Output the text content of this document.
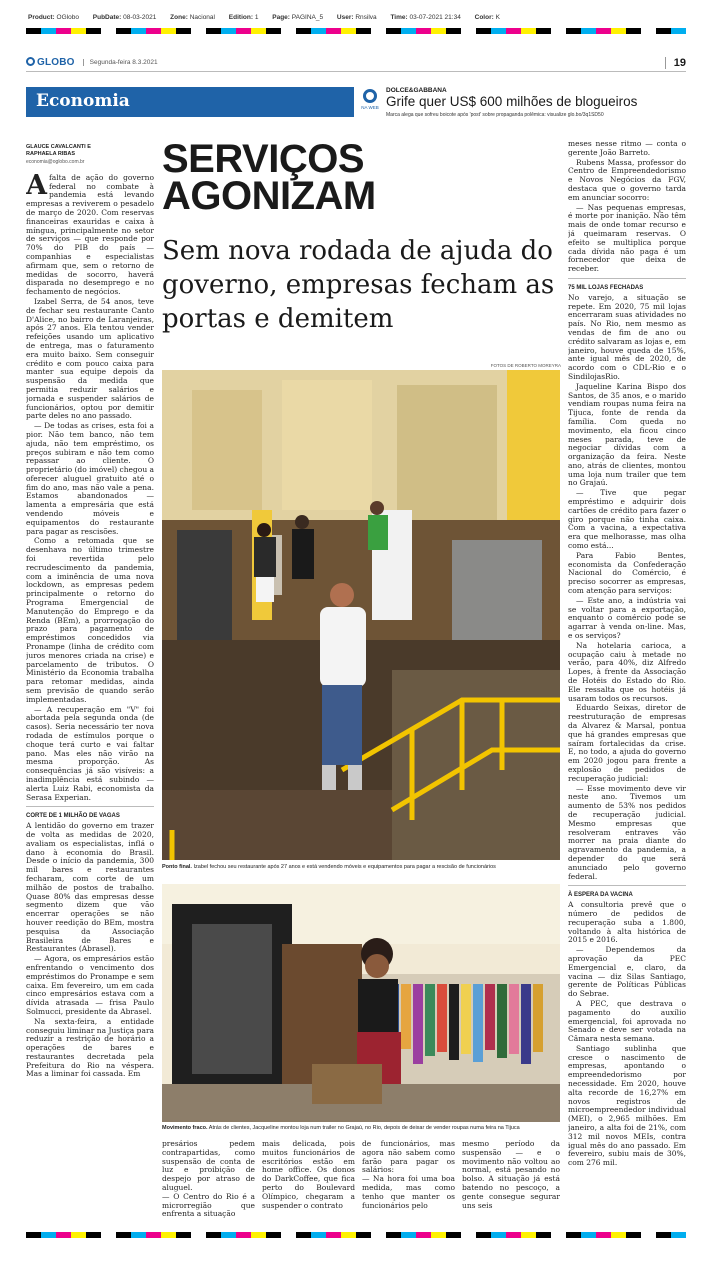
Product: OGlobo PubDate: 08-03-2021 Zone: Nacional Edition: 1 Page: PAGINA_5 User: Rnsilva Time: 03-07-2021 21:34 Color: K
GLOBO	Segunda-feira 8.3.2021	19
Economia	NA WEB
DOLCE&GABBANA
Grife quer US$ 600 milhões de blogueiros
Marca alega que sofreu boicote após 'post' sobre propaganda polêmica: visualize glo.bo/3q1SD50
GLAUCE CAVALCANTI E
RAPHAELA RIBAS
economia@oglobo.com.br

Afalta de ação do governo federal no combate à pandemia está levando empresas a reviverem o pesadelo de março de 2020. Com reservas financeiras exauridas e caixa à míngua, principalmente no setor de serviços — que responde por 70% do PIB do país — companhias e especialistas afirmam que, sem o retorno de medidas de socorro, haverá disparada no desemprego e no fechamento de negócios.

Izabel Serra, de 54 anos, teve de fechar seu restaurante Canto D'Alice, no bairro de Laranjeiras, após 27 anos. Ela tentou vender refeições usando um aplicativo de entrega, mas o faturamento era muito baixo. Sem conseguir crédito e com pouco caixa para manter sua equipe depois da suspensão da medida que permitia reduzir salários e jornada e suspender salários de funcionários, optou por demitir parte deles no ano passado.

— De todas as crises, esta foi a pior. Não tem banco, não tem ajuda, não tem empréstimo, os preços subiram e não tem como repassar ao cliente. O proprietário (do imóvel) chegou a oferecer aluguel gratuito até o fim do ano, mas não vale a pena. Estamos abandonados — lamenta a empresária que está vendendo móveis e equipamentos do restaurante para pagar as rescisões.

Como a retomada que se desenhava no último trimestre foi revertida pelo recrudescimento da pandemia, com a iminência de uma nova lockdown, as empresas pedem principalmente o retorno do Programa Emergencial de Manutenção do Emprego e da Renda (BEm), a prorrogação do prazo para pagamento de empréstimos concedidos via Pronampe (linha de crédito com juros menores criada na crise) e parcelamento de tributos. O Ministério da Economia trabalha para retomar medidas, ainda sem previsão de quando serão implementadas.

— A recuperação em "V" foi abortada pela segunda onda (de casos). Seria necessário ter nova rodada de estímulos porque o choque terá curto e vai faltar pano. Mas eles não virão na mesma proporção. As consequências já são visíveis: a inadimplência está subindo — alerta Luiz Rabi, economista da Serasa Experian.

CORTE DE 1 MILHÃO DE VAGAS

A lentidão do governo em trazer de volta as medidas de 2020, avaliam os especialistas, inflá o dano à economia do Brasil. Desde o início da pandemia, 300 mil bares e restaurantes fecharam, com corte de um milhão de postos de trabalho. Quase 80% das empresas desse segmento dizem que vão encerrar operações se não houver reedição do BEm, mostra pesquisa da Associação Brasileira de Bares e Restaurantes (Abrasel).

— Agora, os empresários estão enfrentando o vencimento dos empréstimos do Pronampe e sem caixa. Em fevereiro, um em cada cinco empresários estava com a dívida atrasada — frisa Paulo Solmucci, presidente da Abrasel.

Na sexta-feira, a entidade conseguiu liminar na Justiça para reduzir a restrição de horário a operações de bares e restaurantes decretada pela Prefeitura do Rio na véspera. Mas a liminar foi cassada. Em

SERVIÇOS
AGONIZAM
Sem nova rodada de ajuda do governo, empresas fecham as portas e demitem
FOTOS DE ROBERTO MOREYRA
Ponto final. Izabel fechou seu restaurante após 27 anos e está vendendo móveis e equipamentos para pagar a rescisão de funcionários
Movimento fraco. Atrás de clientes, Jacqueline montou loja num trailer no Grajaú, no Rio, depois de deixar de vender roupas numa feira na Tijuca

presários pedem contrapartidas, como suspensão de conta de luz e proibição de despejo por atraso de aluguel.
— O Centro do Rio é a microrregião que enfrenta a situação

mais delicada, pois muitos funcionários de escritórios estão em home office. Os donos do DarkCoffee, que fica perto do Boulevard Olímpico, chegaram a suspender o contrato

de funcionários, mas agora não sabem como farão para pagar os salários:
— Na hora foi uma boa medida, mas como tenho que manter os funcionários pelo

mesmo período da suspensão — e o movimento não voltou ao normal, está pesando no bolso. A situação já está batendo no pescoço, a gente consegue segurar uns seis

meses nesse ritmo — conta o gerente João Barreto.

Rubens Massa, professor do Centro de Empreendedorismo e Novos Negócios da FGV, destaca que o governo tarda em anunciar socorro:

— Nas pequenas empresas, é morte por inanição. Não têm mais de onde tomar recurso e já queimaram reservas. O efeito se multiplica porque cada dívida não paga é um fornecedor que deixa de receber.

75 MIL LOJAS FECHADAS

No varejo, a situação se repete. Em 2020, 75 mil lojas encerraram suas atividades no país. No Rio, nem mesmo as vendas de fim de ano ou crédito salvaram as lojas e, em janeiro, houve queda de 15%, ante igual mês de 2020, de acordo com o CDL-Rio e o SindilojasRio.

Jaqueline Karina Bispo dos Santos, de 35 anos, e o marido vendiam roupas numa feira na Tijuca, fonte de renda da família. Com queda no movimento, ela ficou cinco meses parada, teve de negociar dívidas com a organização da feira. Neste ano, atrás de clientes, montou uma loja num trailer que tem no Grajaú.

— Tive que pegar empréstimo e adquirir dois cartões de crédito para fazer o giro porque não tinha caixa. Com a vacina, a expectativa era que melhorasse, mas olha como está...

Para Fabio Bentes, economista da Confederação Nacional do Comércio, é preciso socorrer as empresas, com atenção para serviços:

— Este ano, a indústria vai se voltar para a exportação, enquanto o comércio pode se agarrar à venda on-line. Mas, e os serviços?

Na hotelaria carioca, a ocupação caiu à metade no verão, para 40%, diz Alfredo Lopes, à frente da Associação de Hotéis do Estado do Rio. Ele ressalta que os hotéis já usaram todos os recursos.

Eduardo Seixas, diretor de reestruturação de empresas da Alvarez & Marsal, pontua que há grandes empresas que saíram fortalecidas da crise. E, no todo, a ajuda do governo em 2020 jogou para frente a explosão de pedidos de recuperação judicial:

— Esse movimento deve vir neste ano. Tivemos um aumento de 53% nos pedidos de recuperação judicial. Mesmo empresas que resolveram entraves vão morrer na praia diante do agravamento da pandemia, a depender do que será anunciado pelo governo federal.

À ESPERA DA VACINA

A consultoria prevê que o número de pedidos de recuperação suba a 1.800, voltando à alta histórica de 2015 e 2016.

— Dependemos da aprovação da PEC Emergencial e, claro, da vacina — diz Silas Santiago, gerente de Políticas Públicas do Sebrae.

A PEC, que destrava o pagamento do auxílio emergencial, foi aprovada no Senado e deve ser votada na Câmara nesta semana.

Santiago sublinha que cresce o nascimento de empresas, apontando o empreendedorismo por necessidade. Em 2020, houve alta recorde de 16,27% em novos registros de microempreendedor individual (MEI), o 2,965 milhões. Em janeiro, a alta foi de 21%, com 312 mil novos MEIs, contra igual mês do ano passado. Em fevereiro, subiu mais de 30%, com 276 mil.
